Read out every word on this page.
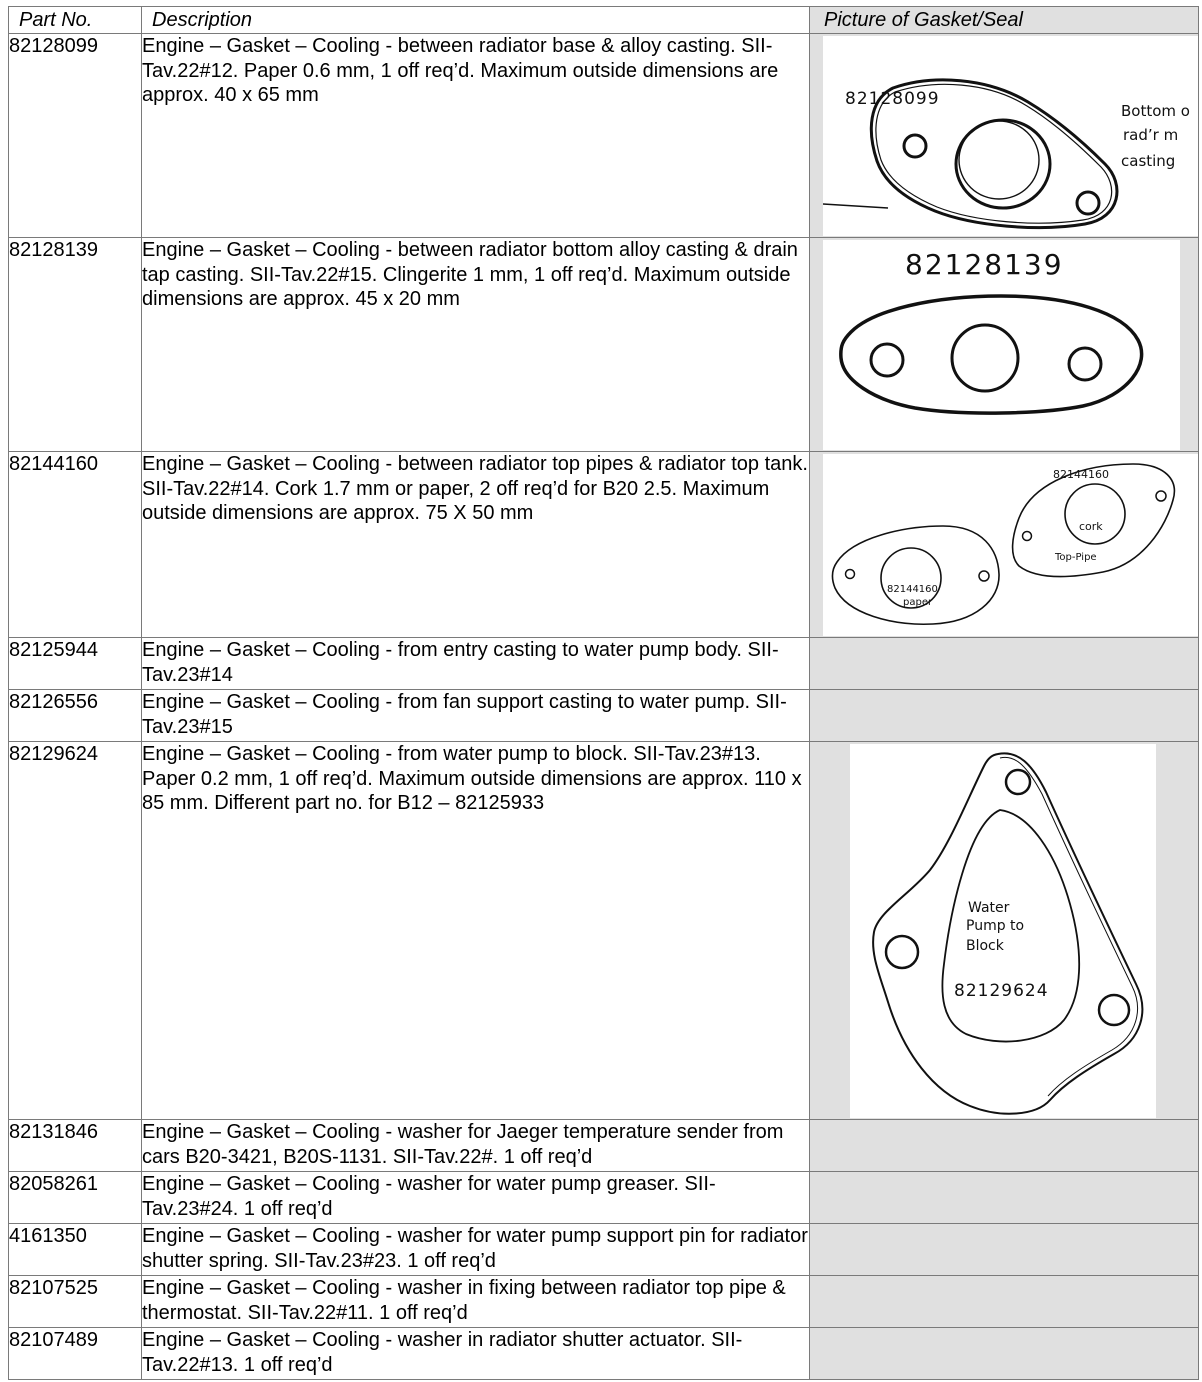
Part No.	Description	Picture of Gasket/Seal
82128099	Engine – Gasket – Cooling - between radiator base & alloy casting. SII-Tav.22#12. Paper 0.6 mm, 1 off req’d. Maximum outside dimensions are approx. 40 x 65 mm	82128099
Bottom o
rad’r m
casting

82128139	Engine – Gasket – Cooling - between radiator bottom alloy casting & drain tap casting. SII-Tav.22#15. Clingerite 1 mm, 1 off req’d. Maximum outside dimensions are approx. 45 x 20 mm	82128139

82144160	Engine – Gasket – Cooling - between radiator top pipes & radiator top tank. SII-Tav.22#14. Cork 1.7 mm or paper, 2 off req’d for B20 2.5. Maximum outside dimensions are approx. 75 X 50 mm	82144160
paper
82144160
cork
Top-Pipe

82125944	Engine – Gasket – Cooling - from entry casting to water pump body. SII-Tav.23#14	
82126556	Engine – Gasket – Cooling - from fan support casting to water pump. SII-Tav.23#15	
82129624	Engine – Gasket – Cooling - from water pump to block. SII-Tav.23#13. Paper 0.2 mm, 1 off req’d. Maximum outside dimensions are approx. 110 x 85 mm. Different part no. for B12 – 82125933	Water
Pump to
Block
82129624

82131846	Engine – Gasket – Cooling - washer for Jaeger temperature sender from cars B20-3421, B20S-1131. SII-Tav.22#. 1 off req’d	
82058261	Engine – Gasket – Cooling - washer for water pump greaser. SII-Tav.23#24. 1 off req’d	
4161350	Engine – Gasket – Cooling - washer for water pump support pin for radiator shutter spring. SII-Tav.23#23. 1 off req’d	
82107525	Engine – Gasket – Cooling - washer in fixing between radiator top pipe & thermostat. SII-Tav.22#11. 1 off req’d	
82107489	Engine – Gasket – Cooling - washer in radiator shutter actuator. SII-Tav.22#13. 1 off req’d	
